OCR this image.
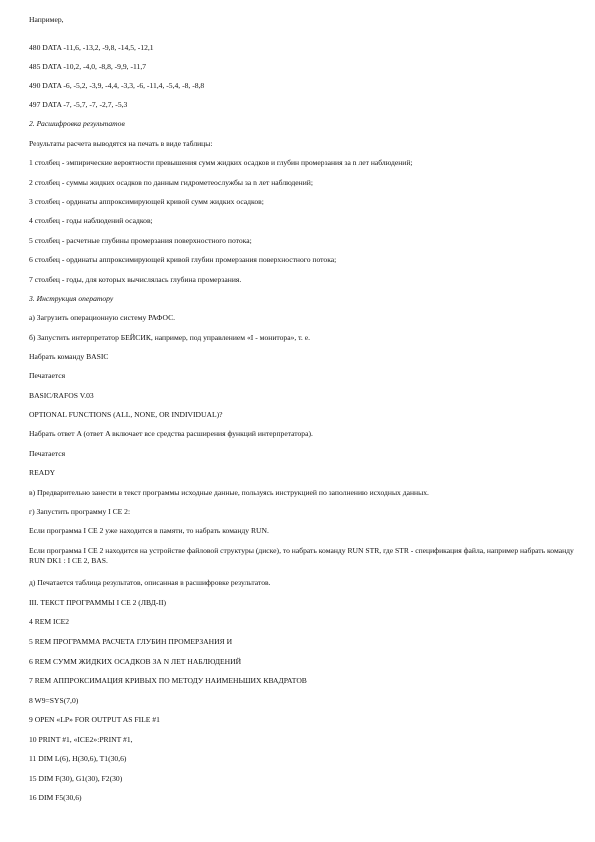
Например,
480 DATA -11,6, -13,2, -9,8, -14,5, -12,1
485 DATA -10,2, -4,0, -8,8, -9,9, -11,7
490 DATA -6, -5,2, -3,9, -4,4, -3,3, -6, -11,4, -5,4, -8, -8,8
497 DATA -7, -5,7, -7, -2,7, -5,3
2. Расшифровка результатов
Результаты расчета выводятся на печать в виде таблицы:
1 столбец - эмпирические вероятности превышения сумм жидких осадков и глубин промерзания за n лет наблюдений;
2 столбец - суммы жидких осадков по данным гидрометеослужбы за n лет наблюдений;
3 столбец - ординаты аппроксимирующей кривой сумм жидких осадков;
4 столбец - годы наблюдений осадков;
5 столбец - расчетные глубины промерзания поверхностного потока;
6 столбец - ординаты аппроксимирующей кривой глубин промерзания поверхностного потока;
7 столбец - годы, для которых вычислялась глубина промерзания.
3. Инструкция оператору
а) Загрузить операционную систему РАФОС.
б) Запустить интерпретатор БЕЙСИК, например, под управлением «I - монитора», т. е.
Набрать команду BASIC
Печатается
BASIC/RAFOS V.03
OPTIONAL FUNCTIONS (ALL, NONE, OR INDIVIDUAL)?
Набрать ответ A (ответ A включает все средства расширения функций интерпретатора).
Печатается
READY
в) Предварительно занести в текст программы исходные данные, пользуясь инструкцией по заполнению исходных данных.
г) Запустить программу I CE 2:
Если программа I CE 2 уже находится в памяти, то набрать команду RUN.
Если программа I CE 2 находится на устройстве файловой структуры (диске), то набрать команду RUN STR, где STR - спецификация файла, например набрать команду RUN DK1 : I CE 2, BAS.
д) Печатается таблица результатов, описанная в расшифровке результатов.
III. ТЕКСТ ПРОГРАММЫ I CE 2 (ЛВД-II)
4 REM ICE2
5 REM ПРОГРАММА РАСЧЕТА ГЛУБИН ПРОМЕРЗАНИЯ И
6 REM СУММ ЖИДКИХ ОСАДКОВ ЗА N ЛЕТ НАБЛЮДЕНИЙ
7 REM АППРОКСИМАЦИЯ КРИВЫХ ПО МЕТОДУ НАИМЕНЬШИХ КВАДРАТОВ
8 W9=SYS(7,0)
9 OPEN «LP» FOR OUTPUT AS FILE #1
10 PRINT #1, «ICE2»:PRINT #1,
11 DIM L(6), H(30,6), T1(30,6)
15 DIM F(30), G1(30), F2(30)
16 DIM F5(30,6)
